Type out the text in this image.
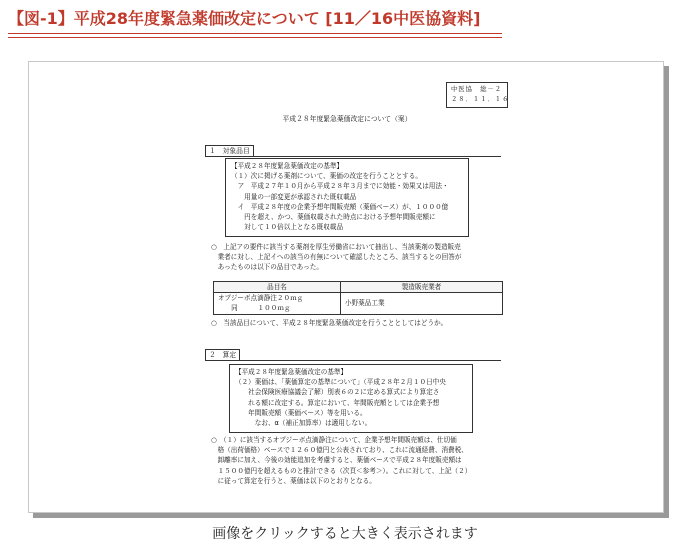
【図-1】平成28年度緊急薬価改定について [11／16中医協資料]
中医協　総－２
２８．１１．１６
平成２８年度緊急薬価改定について（案）
１　対象品目

【平成２８年度緊急薬価改定の基準】

（１）次に掲げる薬剤について、薬価の改定を行うこととする。

　ア　平成２７年１０月から平成２８年３月までに効能・効果又は用法・

　　用量の一部変更が承認された既収載品

　イ　平成２８年度の企業予想年間販売額（薬価ベース）が、１０００億

　　円を超え、かつ、薬価収載された時点における予想年間販売額に

　　対して１０倍以上となる既収載品

○　上記アの要件に該当する薬剤を厚生労働省において抽出し、当該薬剤の製造販売

　業者に対し、上記イへの該当の有無について確認したところ、該当するとの回答が

　あったものは以下の品目であった。

品目名	製造販売業者

オプジーボ点滴静注２０ｍｇ
　　同　　　１００ｍｇ	小野薬品工業

○　当該品目について、平成２８年度緊急薬価改定を行うこととしてはどうか。

２　算定

【平成２８年度緊急薬価改定の基準】

（２）薬価は、「薬価算定の基準について」（平成２８年２月１０日中央

　　社会保険医療協議会了解）別表６の２に定める算式により算定さ

　　れる額に改定する。算定において、年間販売額としては企業予想

　　年間販売額（薬価ベース）等を用いる。

　　　なお、α（補正加算率）は適用しない。

○　（１）に該当するオプジーボ点滴静注について、企業予想年間販売額は、仕切価

　格（出荷価格）ベースで１２６０億円と公表されており、これに流通経費、消費税、

　卸離率に加え、今後の効能追加を考慮すると、薬価ベースで平成２８年度販売額は

　１５００億円を超えるものと推計できる（次頁＜参考＞）。これに対して、上記（２）

　に従って算定を行うと、薬価は以下のとおりとなる。

画像をクリックすると大きく表示されます
